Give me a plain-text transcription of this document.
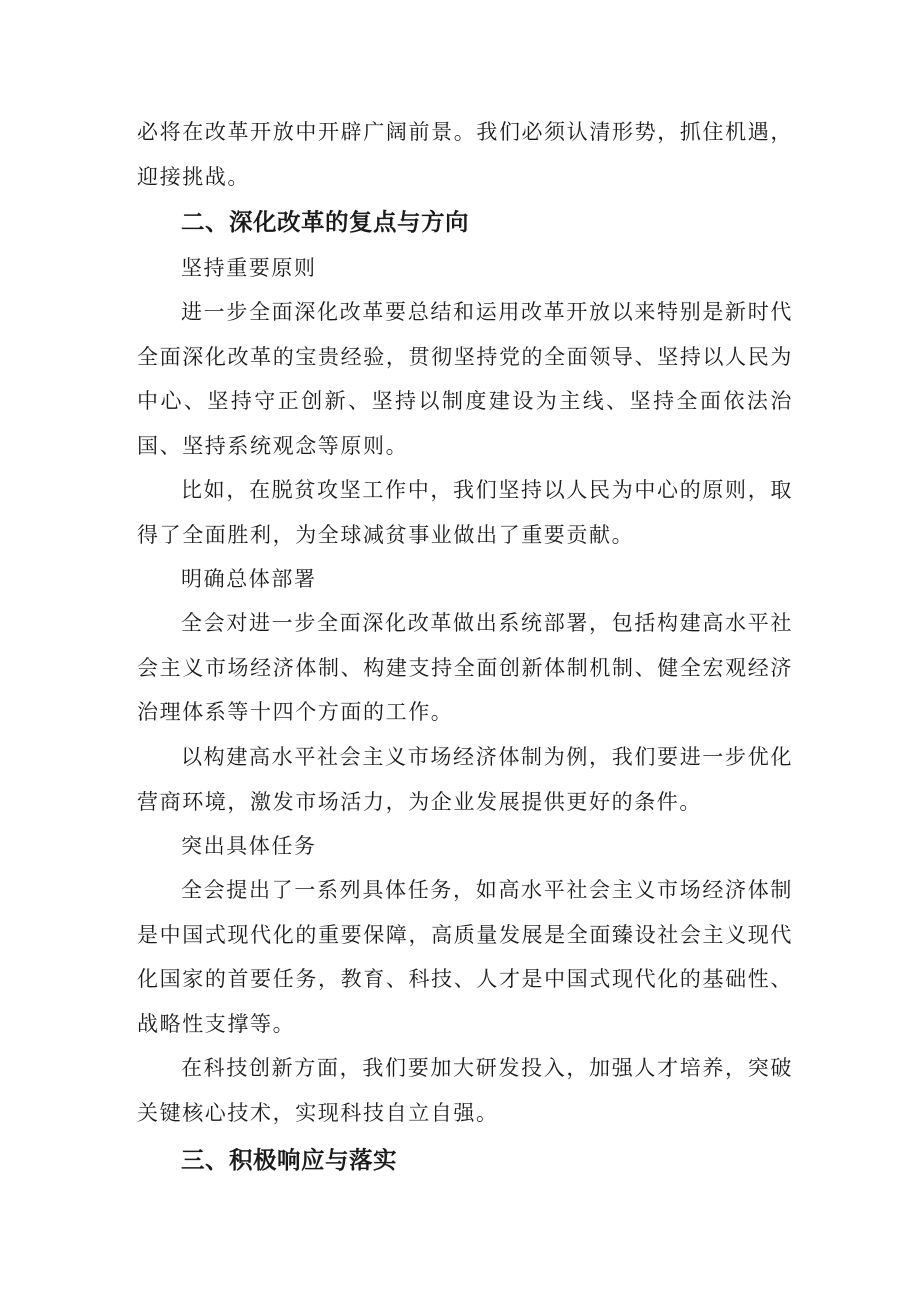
必将在改革开放中开辟广阔前景。我们必须认清形势，抓住机遇，迎接挑战。

二、深化改革的复点与方向

坚持重要原则

进一步全面深化改革要总结和运用改革开放以来特别是新时代全面深化改革的宝贵经验，贯彻坚持党的全面领导、坚持以人民为中心、坚持守正创新、坚持以制度建设为主线、坚持全面依法治国、坚持系统观念等原则。

比如，在脱贫攻坚工作中，我们坚持以人民为中心的原则，取得了全面胜利，为全球减贫事业做出了重要贡献。

明确总体部署

全会对进一步全面深化改革做出系统部署，包括构建高水平社会主义市场经济体制、构建支持全面创新体制机制、健全宏观经济治理体系等十四个方面的工作。

以构建高水平社会主义市场经济体制为例，我们要进一步优化营商环境，激发市场活力，为企业发展提供更好的条件。

突出具体任务

全会提出了一系列具体任务，如高水平社会主义市场经济体制是中国式现代化的重要保障，高质量发展是全面臻设社会主义现代化国家的首要任务，教育、科技、人才是中国式现代化的基础性、战略性支撑等。

在科技创新方面，我们要加大研发投入，加强人才培养，突破关键核心技术，实现科技自立自强。

三、积极响应与落实
